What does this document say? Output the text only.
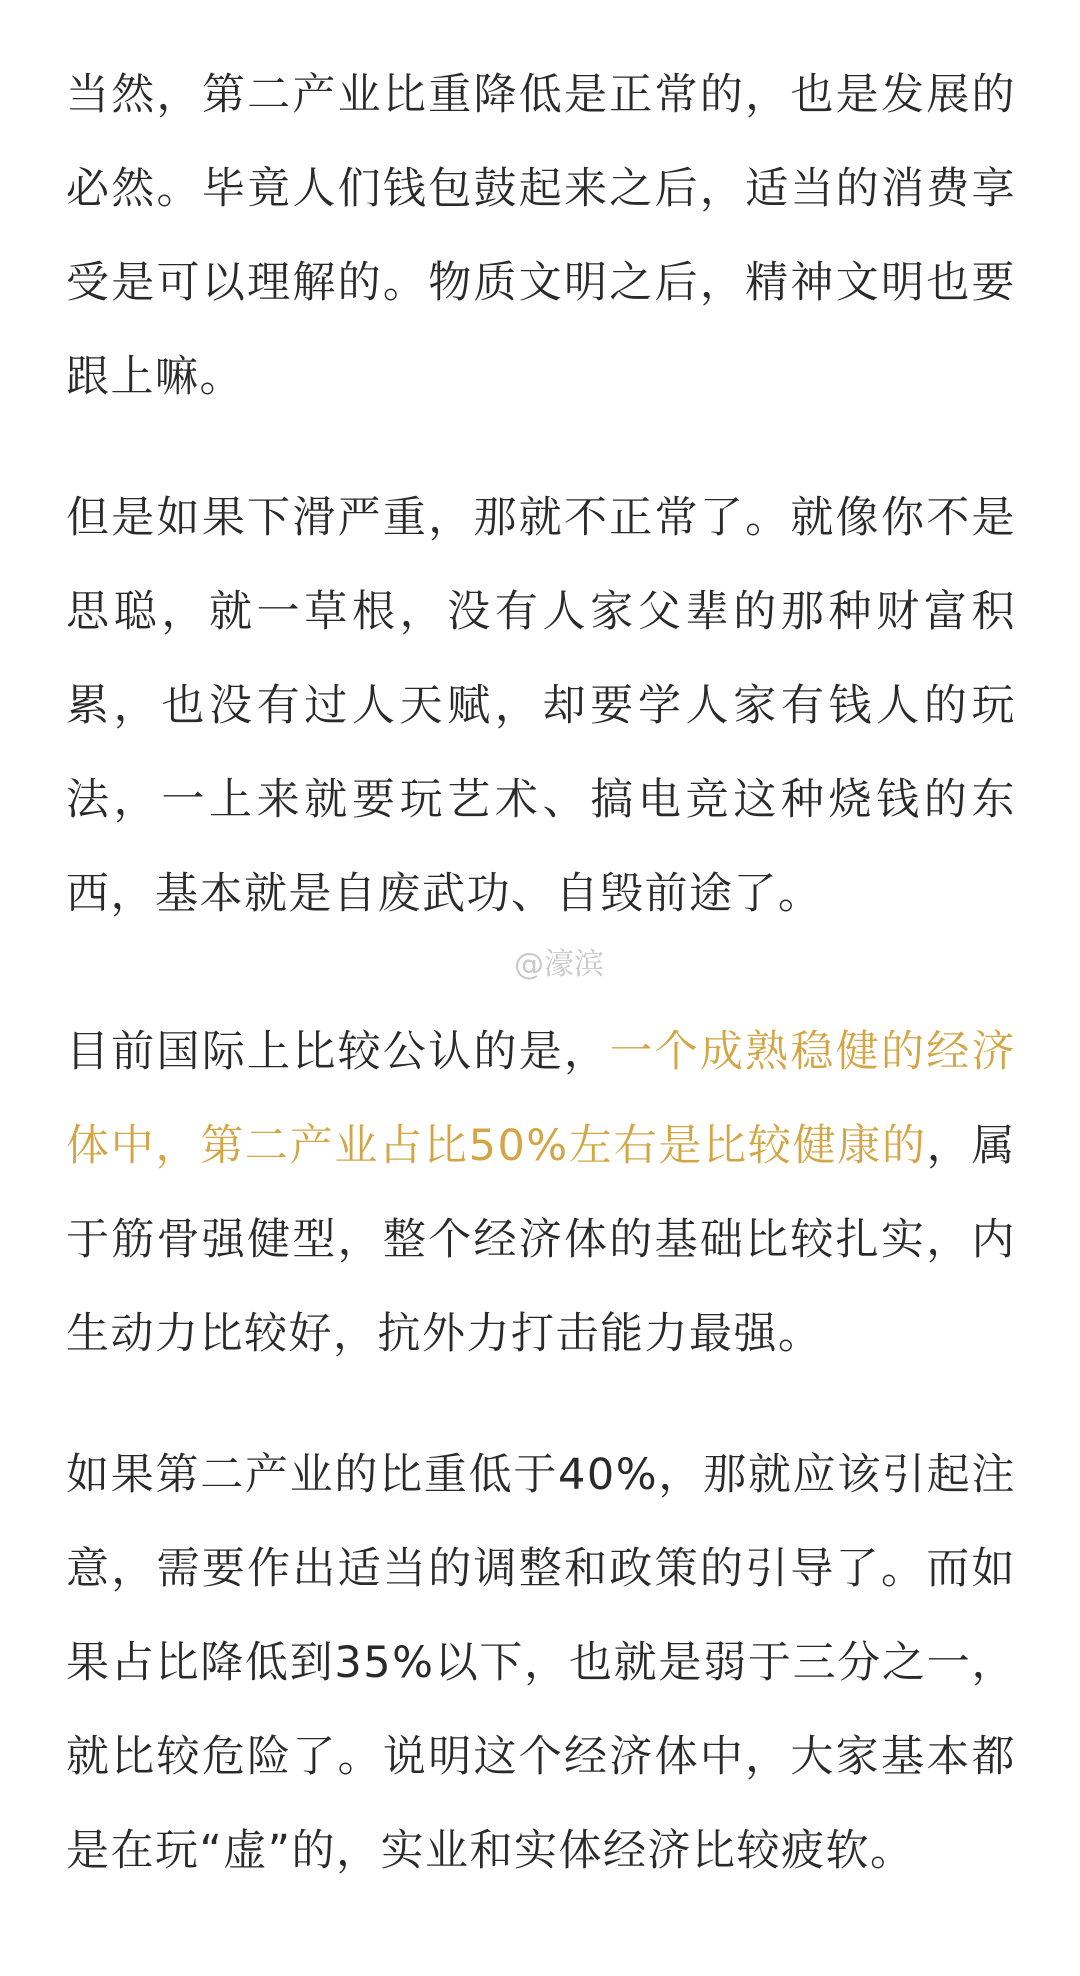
当然，第二产业比重降低是正常的，也是发展的必然。毕竟人们钱包鼓起来之后，适当的消费享受是可以理解的。物质文明之后，精神文明也要跟上嘛。

但是如果下滑严重，那就不正常了。就像你不是思聪，就一草根，没有人家父辈的那种财富积累，也没有过人天赋，却要学人家有钱人的玩法，一上来就要玩艺术、搞电竞这种烧钱的东西，基本就是自废武功、自毁前途了。

@濠滨

目前国际上比较公认的是，一个成熟稳健的经济体中，第二产业占比50%左右是比较健康的，属于筋骨强健型，整个经济体的基础比较扎实，内生动力比较好，抗外力打击能力最强。

如果第二产业的比重低于40%，那就应该引起注意，需要作出适当的调整和政策的引导了。而如果占比降低到35%以下，也就是弱于三分之一，就比较危险了。说明这个经济体中，大家基本都是在玩“虚”的，实业和实体经济比较疲软。
